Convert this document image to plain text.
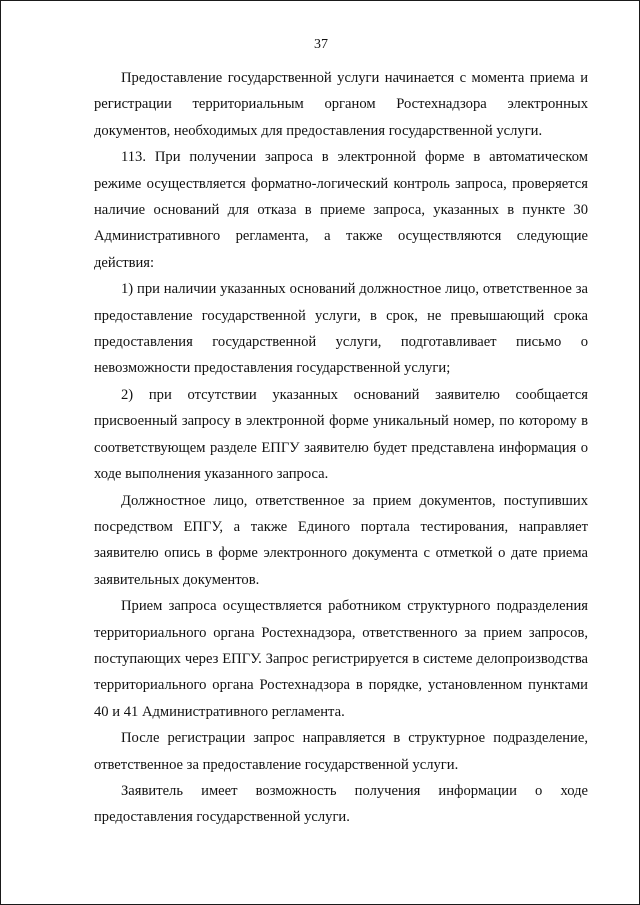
37

Предоставление государственной услуги начинается с момента приема и регистрации территориальным органом Ростехнадзора электронных документов, необходимых для предоставления государственной услуги.

113. При получении запроса в электронной форме в автоматическом режиме осуществляется форматно-логический контроль запроса, проверяется наличие оснований для отказа в приеме запроса, указанных в пункте 30 Административного регламента, а также осуществляются следующие действия:

1) при наличии указанных оснований должностное лицо, ответственное за предоставление государственной услуги, в срок, не превышающий срока предоставления государственной услуги, подготавливает письмо о невозможности предоставления государственной услуги;

2) при отсутствии указанных оснований заявителю сообщается присвоенный запросу в электронной форме уникальный номер, по которому в соответствующем разделе ЕПГУ заявителю будет представлена информация о ходе выполнения указанного запроса.

Должностное лицо, ответственное за прием документов, поступивших посредством ЕПГУ, а также Единого портала тестирования, направляет заявителю опись в форме электронного документа с отметкой о дате приема заявительных документов.

Прием запроса осуществляется работником структурного подразделения территориального органа Ростехнадзора, ответственного за прием запросов, поступающих через ЕПГУ. Запрос регистрируется в системе делопроизводства территориального органа Ростехнадзора в порядке, установленном пунктами 40 и 41 Административного регламента.

После регистрации запрос направляется в структурное подразделение, ответственное за предоставление государственной услуги.

Заявитель имеет возможность получения информации о ходе предоставления государственной услуги.
